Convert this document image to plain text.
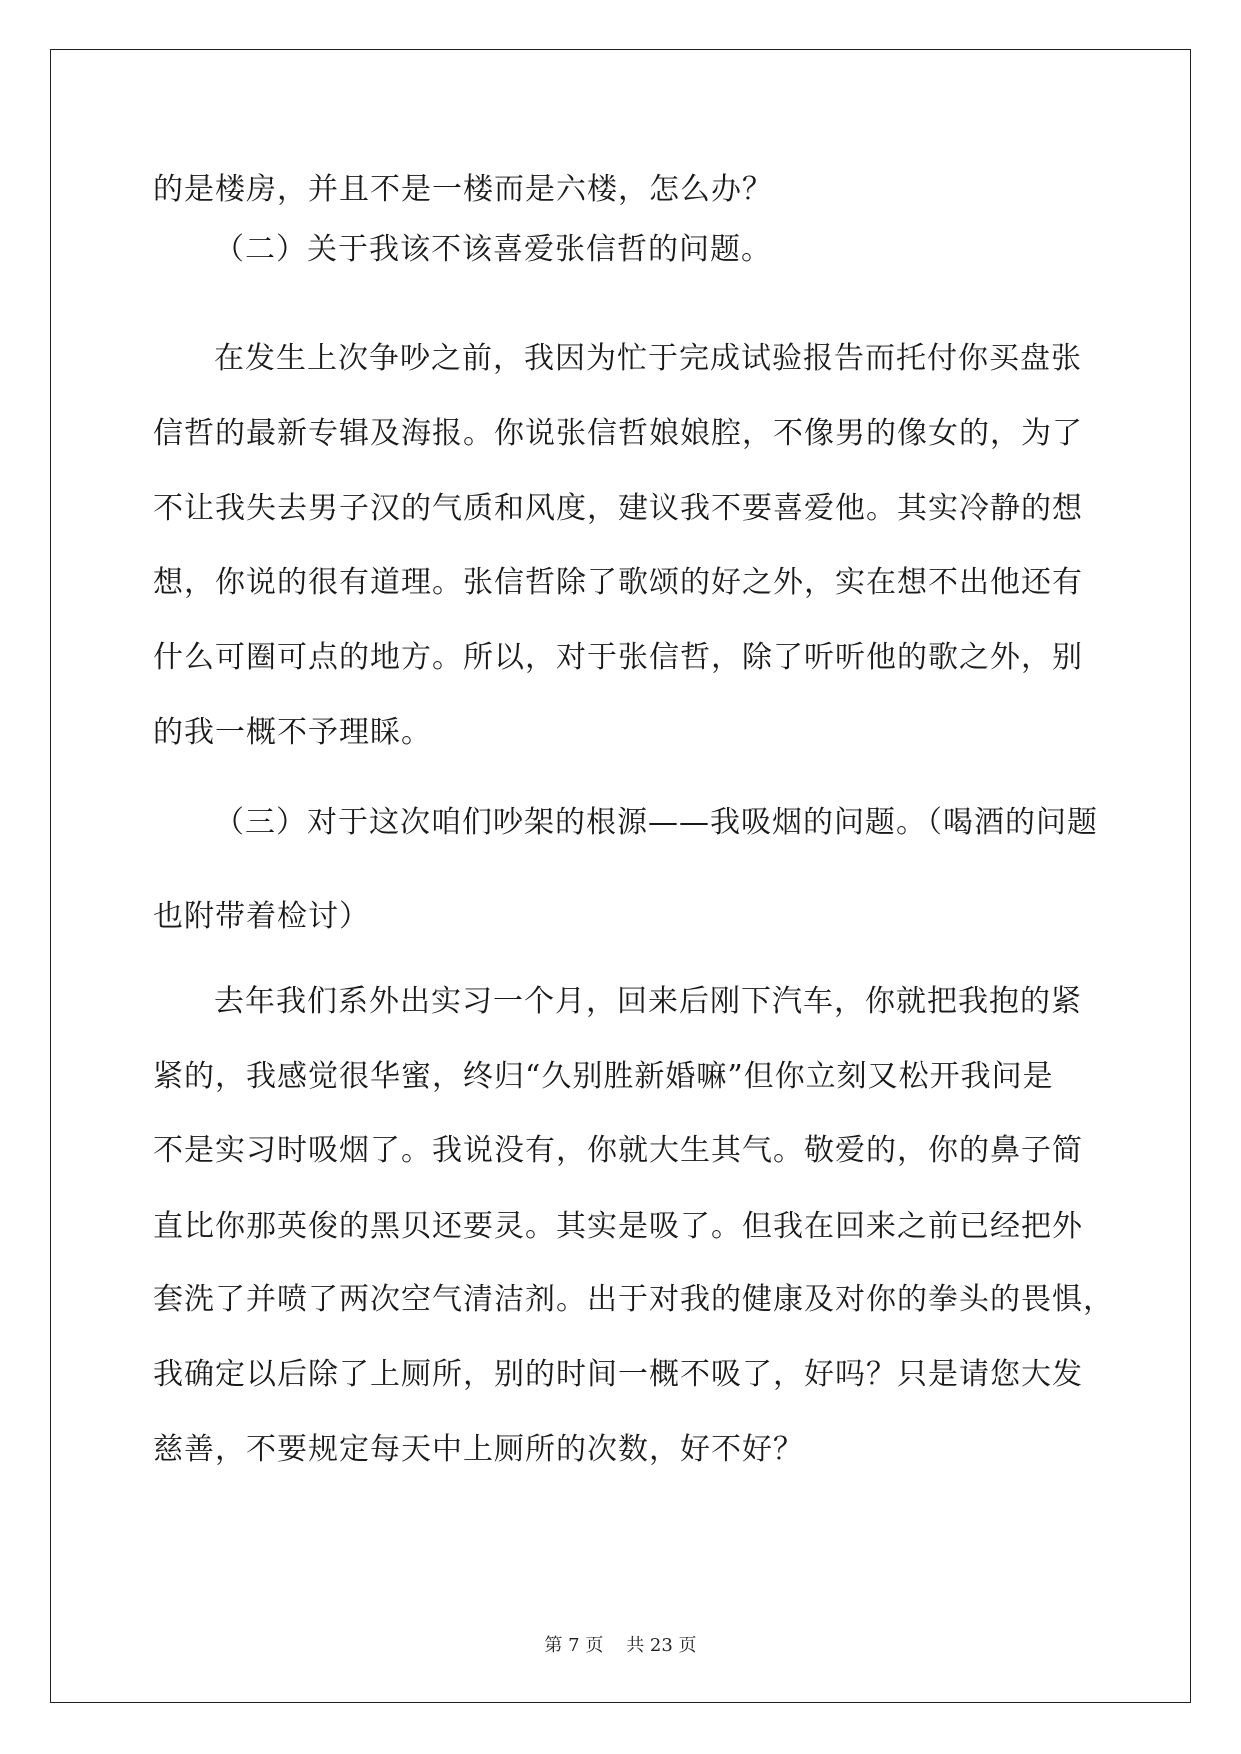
的是楼房，并且不是一楼而是六楼，怎么办？
（二）关于我该不该喜爱张信哲的问题。
在发生上次争吵之前，我因为忙于完成试验报告而托付你买盘张
信哲的最新专辑及海报。你说张信哲娘娘腔，不像男的像女的，为了
不让我失去男子汉的气质和风度，建议我不要喜爱他。其实冷静的想
想，你说的很有道理。张信哲除了歌颂的好之外，实在想不出他还有
什么可圈可点的地方。所以，对于张信哲，除了听听他的歌之外，别
的我一概不予理睬。
（三）对于这次咱们吵架的根源——我吸烟的问题。（喝酒的问题
也附带着检讨）
去年我们系外出实习一个月，回来后刚下汽车，你就把我抱的紧
紧的，我感觉很华蜜，终归“久别胜新婚嘛”但你立刻又松开我问是
不是实习时吸烟了。我说没有，你就大生其气。敬爱的，你的鼻子简
直比你那英俊的黑贝还要灵。其实是吸了。但我在回来之前已经把外
套洗了并喷了两次空气清洁剂。出于对我的健康及对你的拳头的畏惧，
我确定以后除了上厕所，别的时间一概不吸了，好吗？只是请您大发
慈善，不要规定每天中上厕所的次数，好不好？
第 7 页    共 23 页
